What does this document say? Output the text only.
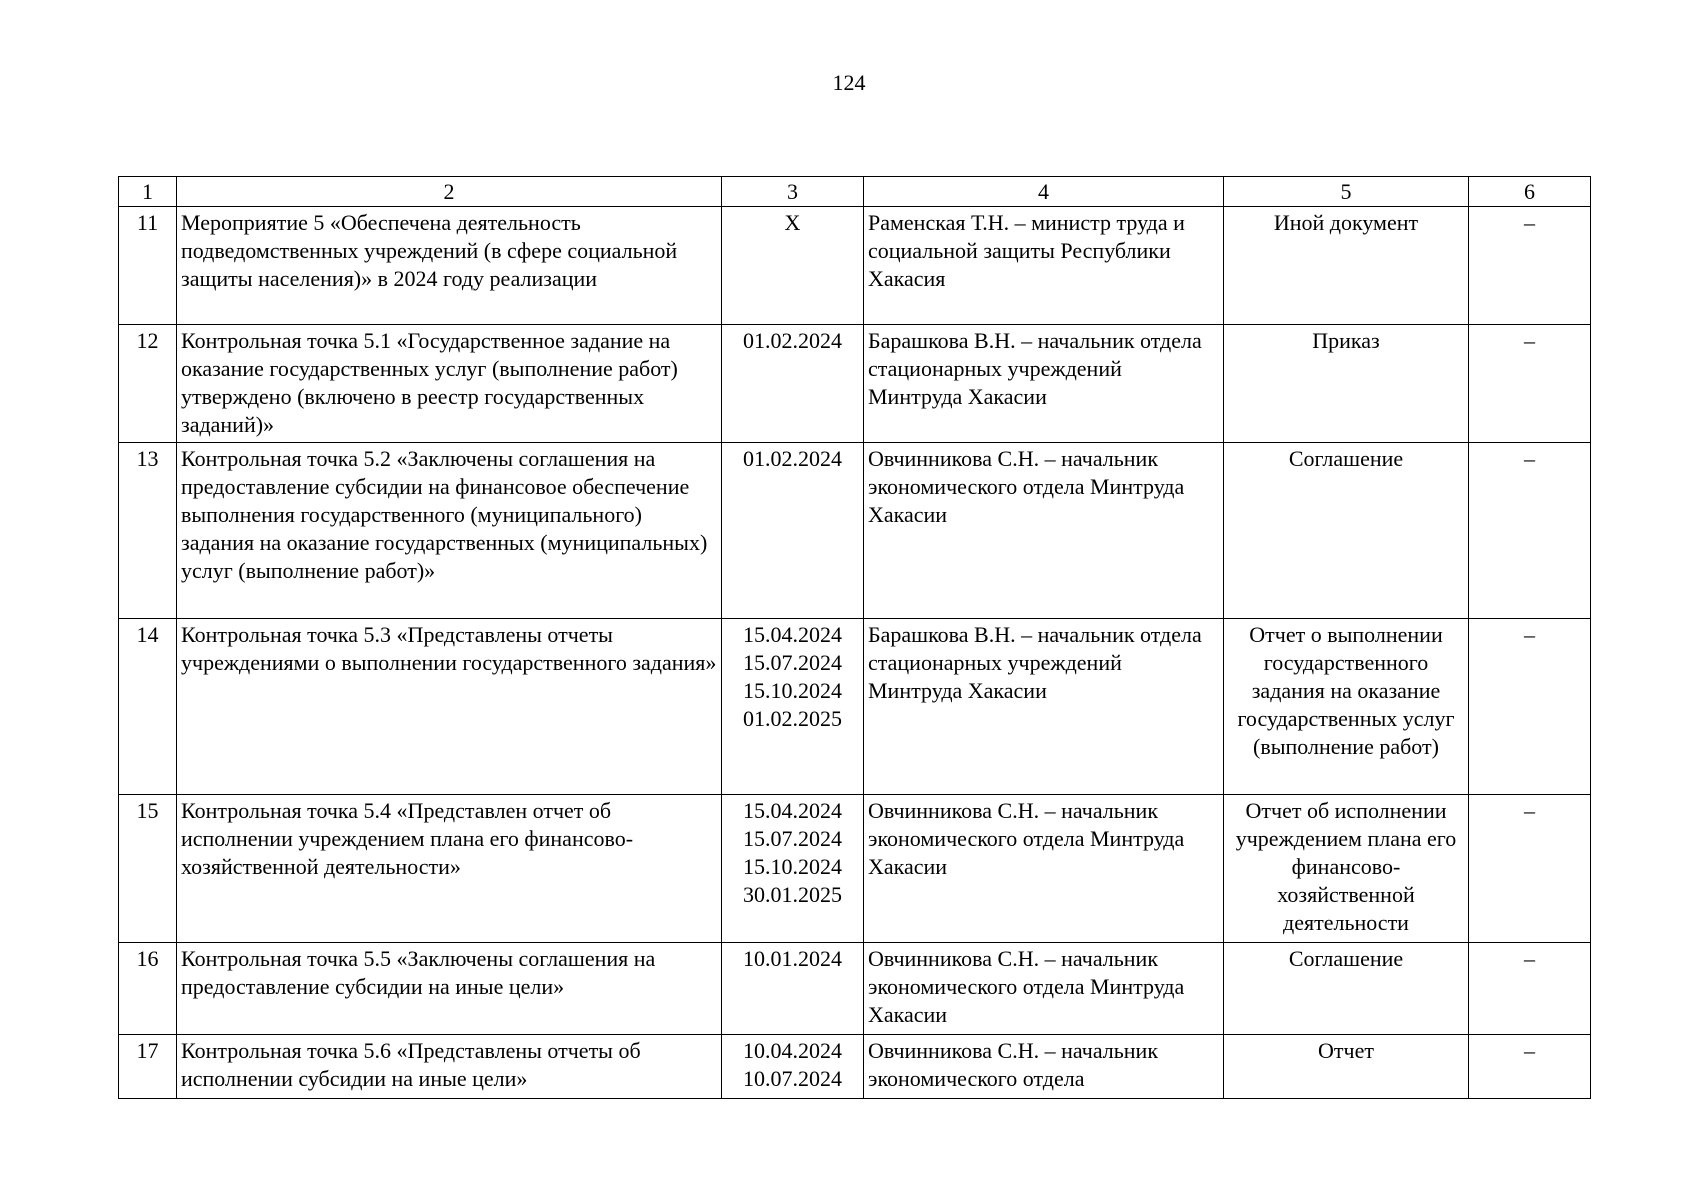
124
1	2	3	4	5	6
11	Мероприятие 5 «Обеспечена деятельность подведомственных учреждений (в сфере социальной защиты населения)» в 2024 году реализации	X	Раменская Т.Н. – министр труда и социальной защиты Республики Хакасия	Иной документ	–
12	Контрольная точка 5.1 «Государственное задание на оказание государственных услуг (выполнение работ) утверждено (включено в реестр государственных заданий)»	01.02.2024	Барашкова В.Н. – начальник отдела стационарных учреждений Минтруда Хакасии	Приказ	–
13	Контрольная точка 5.2 «Заключены соглашения на предоставление субсидии на финансовое обеспечение выполнения государственного (муниципального) задания на оказание государственных (муниципальных) услуг (выполнение работ)»	01.02.2024	Овчинникова С.Н. – начальник экономического отдела Минтруда Хакасии	Соглашение	–
14	Контрольная точка 5.3 «Представлены отчеты учреждениями о выполнении государственного задания»	15.04.2024
15.07.2024
15.10.2024
01.02.2025	Барашкова В.Н. – начальник отдела стационарных учреждений Минтруда Хакасии	Отчет о выполнении государственного задания на оказание государственных услуг (выполнение работ)	–
15	Контрольная точка 5.4 «Представлен отчет об исполнении учреждением плана его финансово-хозяйственной деятельности»	15.04.2024
15.07.2024
15.10.2024
30.01.2025	Овчинникова С.Н. – начальник экономического отдела Минтруда Хакасии	Отчет об исполнении учреждением плана его финансово-хозяйственной деятельности	–
16	Контрольная точка 5.5 «Заключены соглашения на предоставление субсидии на иные цели»	10.01.2024	Овчинникова С.Н. – начальник экономического отдела Минтруда Хакасии	Соглашение	–
17	Контрольная точка 5.6 «Представлены отчеты об исполнении субсидии на иные цели»	10.04.2024
10.07.2024	Овчинникова С.Н. – начальник экономического отдела	Отчет	–
